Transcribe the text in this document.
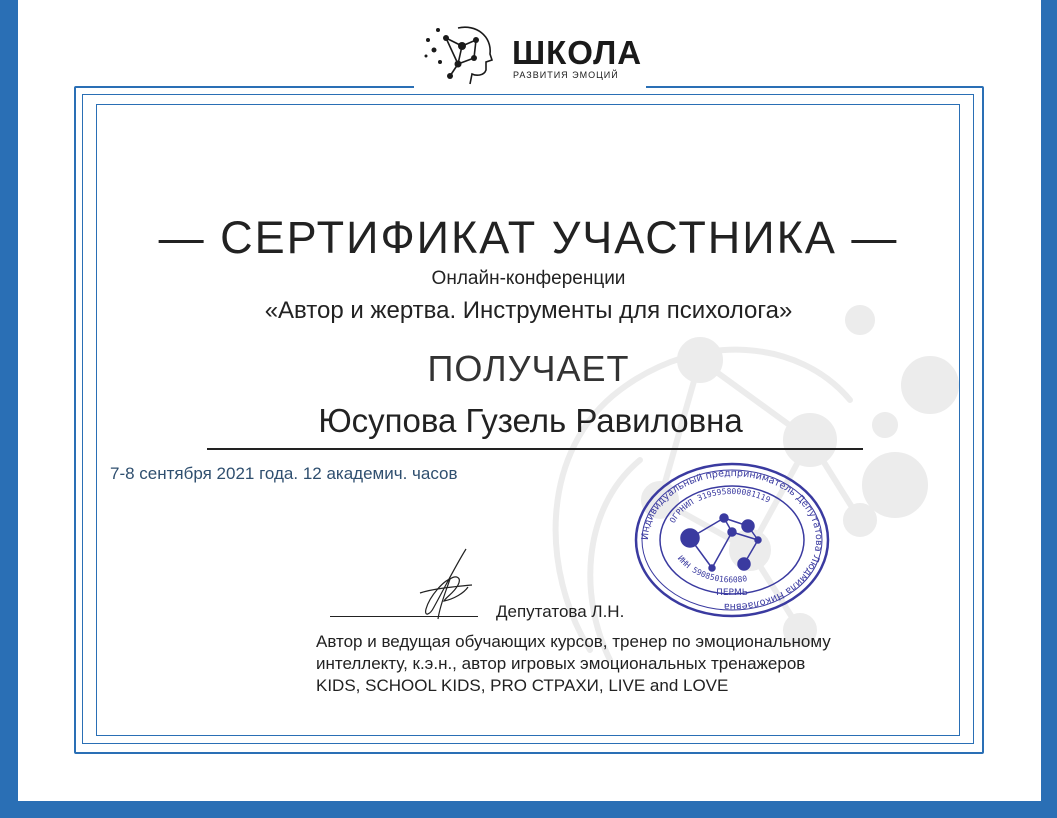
ШКОЛА
РАЗВИТИЯ ЭМОЦИЙ
— СЕРТИФИКАТ УЧАСТНИКА —
Онлайн-конференции
«Автор и жертва. Инструменты для психолога»
ПОЛУЧАЕТ
Юсупова Гузель Равиловна
7-8 сентября 2021 года. 12 академич. часов
Индивидуальный предприниматель Депутатова Людмила Николаевна
ОГРНИП 319595800081119
ИНН 590850166080
ПЕРМЬ
Депутатова Л.Н.
Автор и ведущая обучающих курсов, тренер по эмоциональному
интеллекту, к.э.н., автор игровых эмоциональных тренажеров
KIDS, SCHOOL KIDS, PRO СТРАХИ, LIVE and LOVE
